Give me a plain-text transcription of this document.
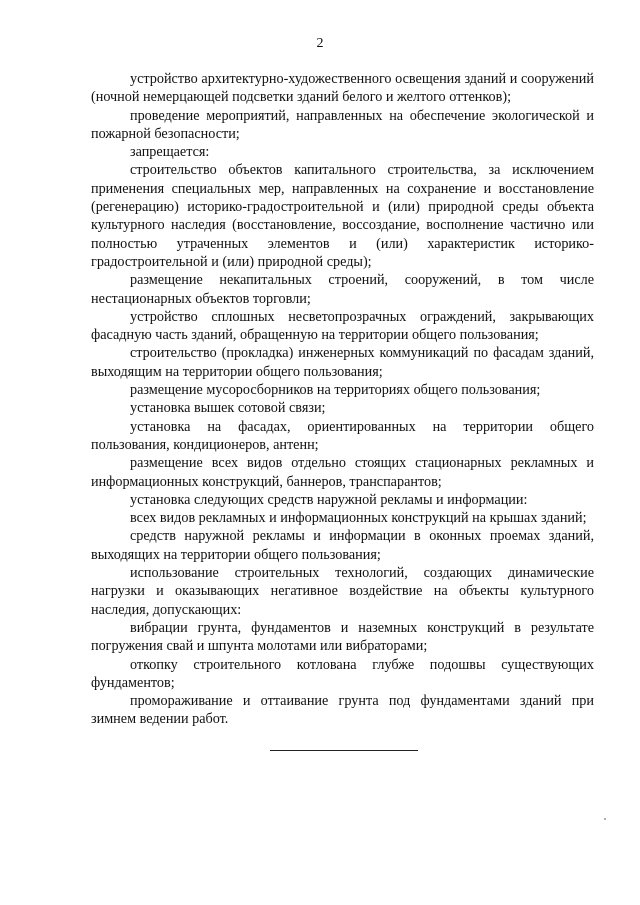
2

устройство архитектурно-художественного освещения зданий и сооружений (ночной немерцающей подсветки зданий белого и желтого оттенков);

проведение мероприятий, направленных на обеспечение экологической и пожарной безопасности;

запрещается:

строительство объектов капитального строительства, за исключением применения специальных мер, направленных на сохранение и восстановление (регенерацию) историко-градостроительной и (или) природной среды объекта культурного наследия (восстановление, воссоздание, восполнение частично или полностью утраченных элементов и (или) характеристик историко-градостроительной и (или) природной среды);

размещение некапитальных строений, сооружений, в том числе нестационарных объектов торговли;

устройство сплошных несветопрозрачных ограждений, закрывающих фасадную часть зданий, обращенную на территории общего пользования;

строительство (прокладка) инженерных коммуникаций по фасадам зданий, выходящим на территории общего пользования;

размещение мусоросборников на территориях общего пользования;

установка вышек сотовой связи;

установка на фасадах, ориентированных на территории общего пользования, кондиционеров, антенн;

размещение всех видов отдельно стоящих стационарных рекламных и информационных конструкций, баннеров, транспарантов;

установка следующих средств наружной рекламы и информации:

всех видов рекламных и информационных конструкций на крышах зданий;

средств наружной рекламы и информации в оконных проемах зданий, выходящих на территории общего пользования;

использование строительных технологий, создающих динамические нагрузки и оказывающих негативное воздействие на объекты культурного наследия, допускающих:

вибрации грунта, фундаментов и наземных конструкций в результате погружения свай и шпунта молотами или вибраторами;

откопку строительного котлована глубже подошвы существующих фундаментов;

промораживание и оттаивание грунта под фундаментами зданий при зимнем ведении работ.
